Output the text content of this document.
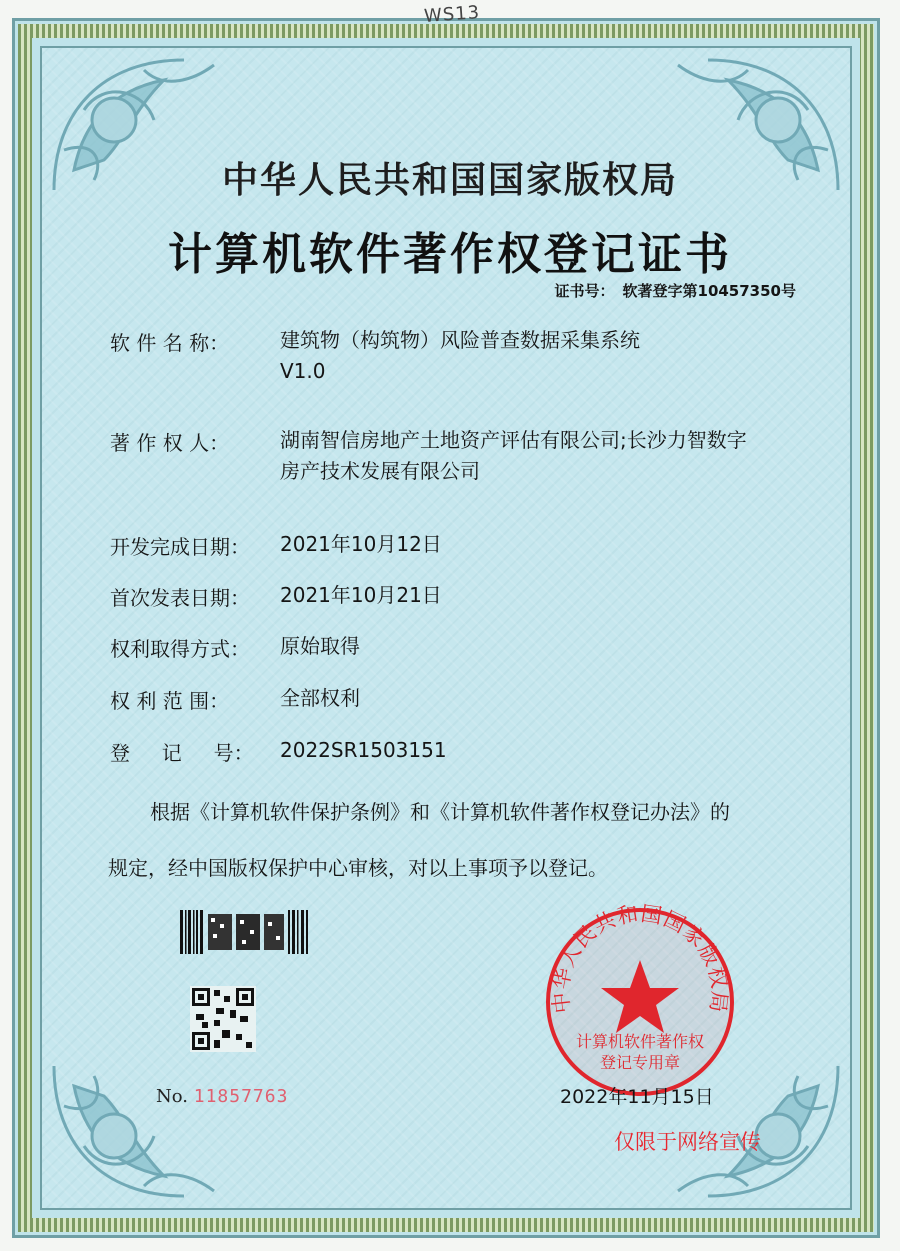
WS13
中华人民共和国国家版权局
计算机软件著作权登记证书
证书号： 软著登字第10457350号
软 件 名 称：	建筑物（构筑物）风险普查数据采集系统
V1.0
著 作 权 人：	湖南智信房地产土地资产评估有限公司;长沙力智数字
房产技术发展有限公司
开发完成日期：	2021年10月12日
首次发表日期：	2021年10月21日
权利取得方式：	原始取得
权 利 范 围：	全部权利
登     记     号：	2022SR1503151
根据《计算机软件保护条例》和《计算机软件著作权登记办法》的
规定，经中国版权保护中心审核，对以上事项予以登记。
No. 11857763
中华人民共和国国家版权局
计算机软件著作权
登记专用章
2022年11月15日
仅限于网络宣传
